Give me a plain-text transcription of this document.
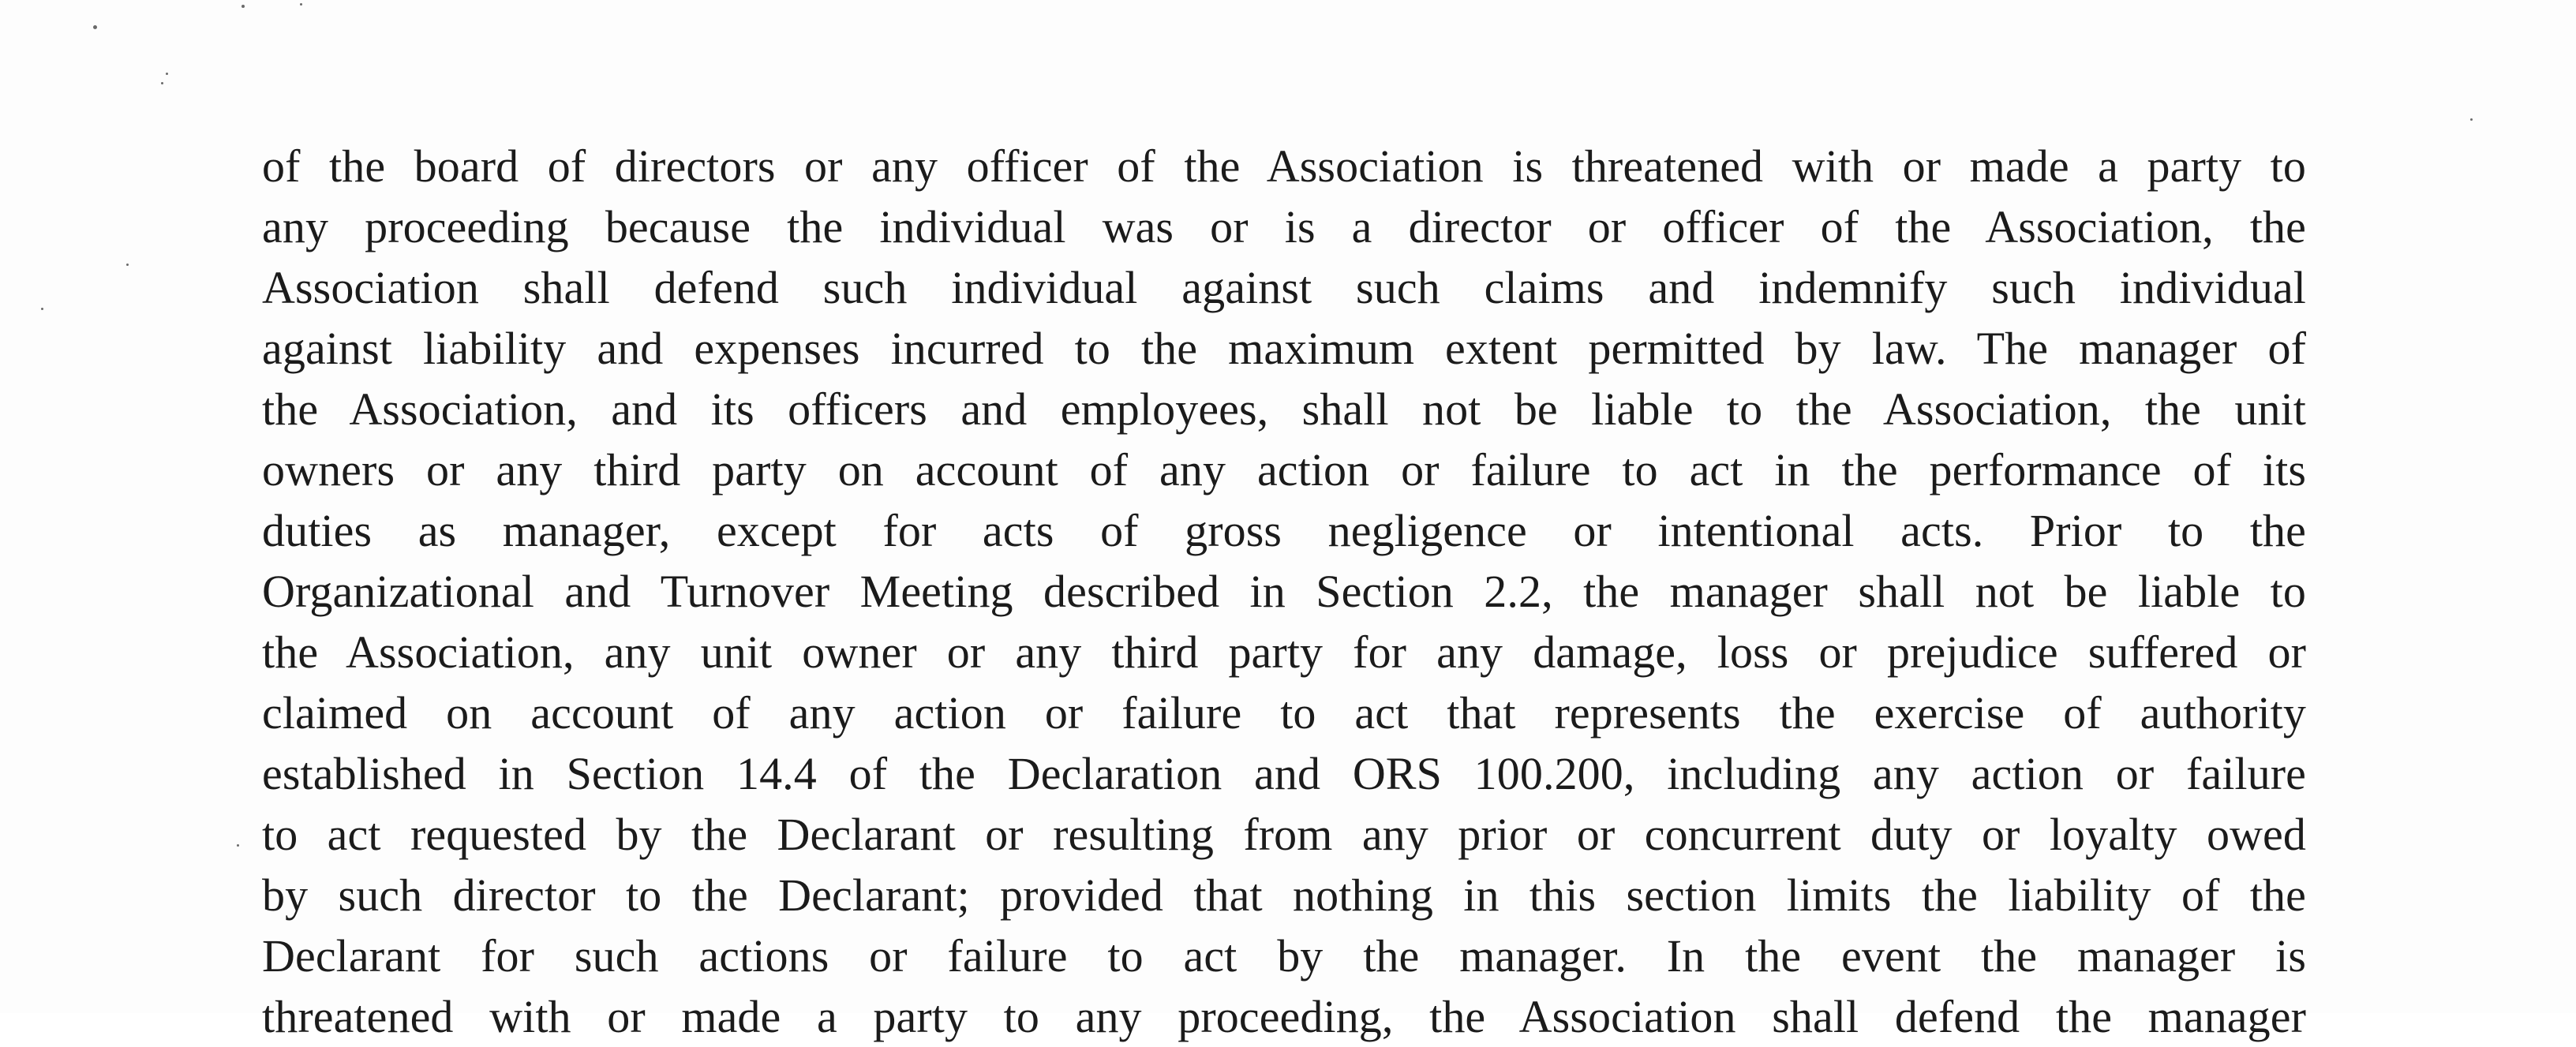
of the board of directors or any officer of the Association is threatened with or made a party to
any proceeding because the individual was or is a director or officer of the Association, the
Association shall defend such individual against such claims and indemnify such individual
against liability and expenses incurred to the maximum extent permitted by law. The manager of
the Association, and its officers and employees, shall not be liable to the Association, the unit
owners or any third party on account of any action or failure to act in the performance of its
duties as manager, except for acts of gross negligence or intentional acts. Prior to the
Organizational and Turnover Meeting described in Section 2.2, the manager shall not be liable to
the Association, any unit owner or any third party for any damage, loss or prejudice suffered or
claimed on account of any action or failure to act that represents the exercise of authority
established in Section 14.4 of the Declaration and ORS 100.200, including any action or failure
to act requested by the Declarant or resulting from any prior or concurrent duty or loyalty owed
by such director to the Declarant; provided that nothing in this section limits the liability of the
Declarant for such actions or failure to act by the manager. In the event the manager is
threatened with or made a party to any proceeding, the Association shall defend the manager
